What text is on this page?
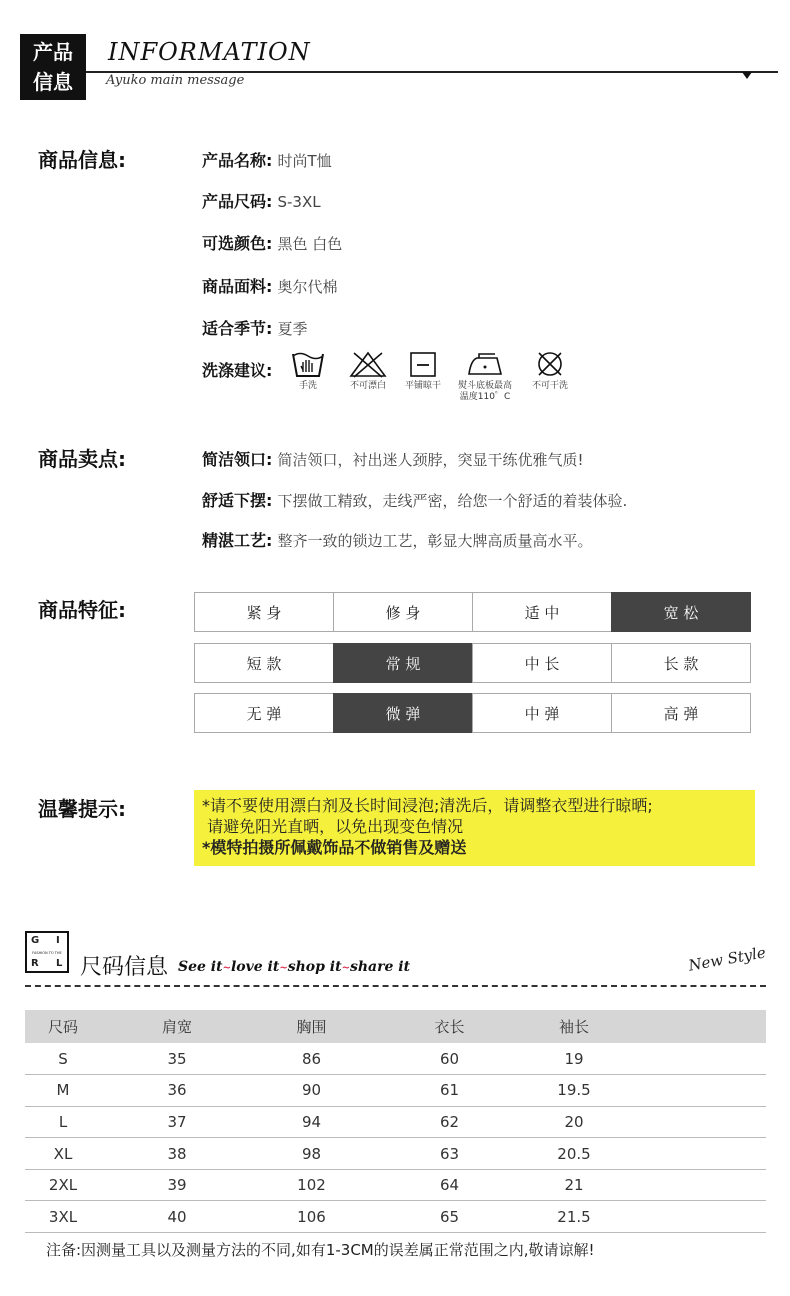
产品
信息
INFORMATION
Ayuko main message
商品信息:	产品名称: 时尚T恤
产品尺码: S-3XL
可选颜色: 黑色 白色
商品面料: 奥尔代棉
适合季节: 夏季
洗涤建议:
手洗	不可漂白	平铺晾干	熨斗底板最高
温度110゜C
不可干洗
商品卖点:	简洁领口: 简洁领口，衬出迷人颈脖，突显干练优雅气质!
舒适下摆: 下摆做工精致，走线严密，给您一个舒适的着装体验.
精湛工艺: 整齐一致的锁边工艺，彰显大牌高质量高水平。
商品特征:	紧 身	修 身	适 中	宽 松
短 款	常 规	中 长	长 款
无 弹	微 弹	中 弹	高 弹
温馨提示:	*请不要使用漂白剂及长时间浸泡;清洗后，请调整衣型进行晾晒;
请避免阳光直晒，以免出现变色情况
*模特拍摄所佩戴饰品不做销售及赠送
G I
FASHION TO THE
R L 尺码信息 See it~love it~shop it~share it	New Style
尺码	肩宽	胸围	衣长	袖长	
S	35	86	60	19	
M	36	90	61	19.5	
L	37	94	62	20	
XL	38	98	63	20.5	
2XL	39	102	64	21	
3XL	40	106	65	21.5	
注备:因测量工具以及测量方法的不同,如有1-3CM的误差属正常范围之内,敬请谅解!
